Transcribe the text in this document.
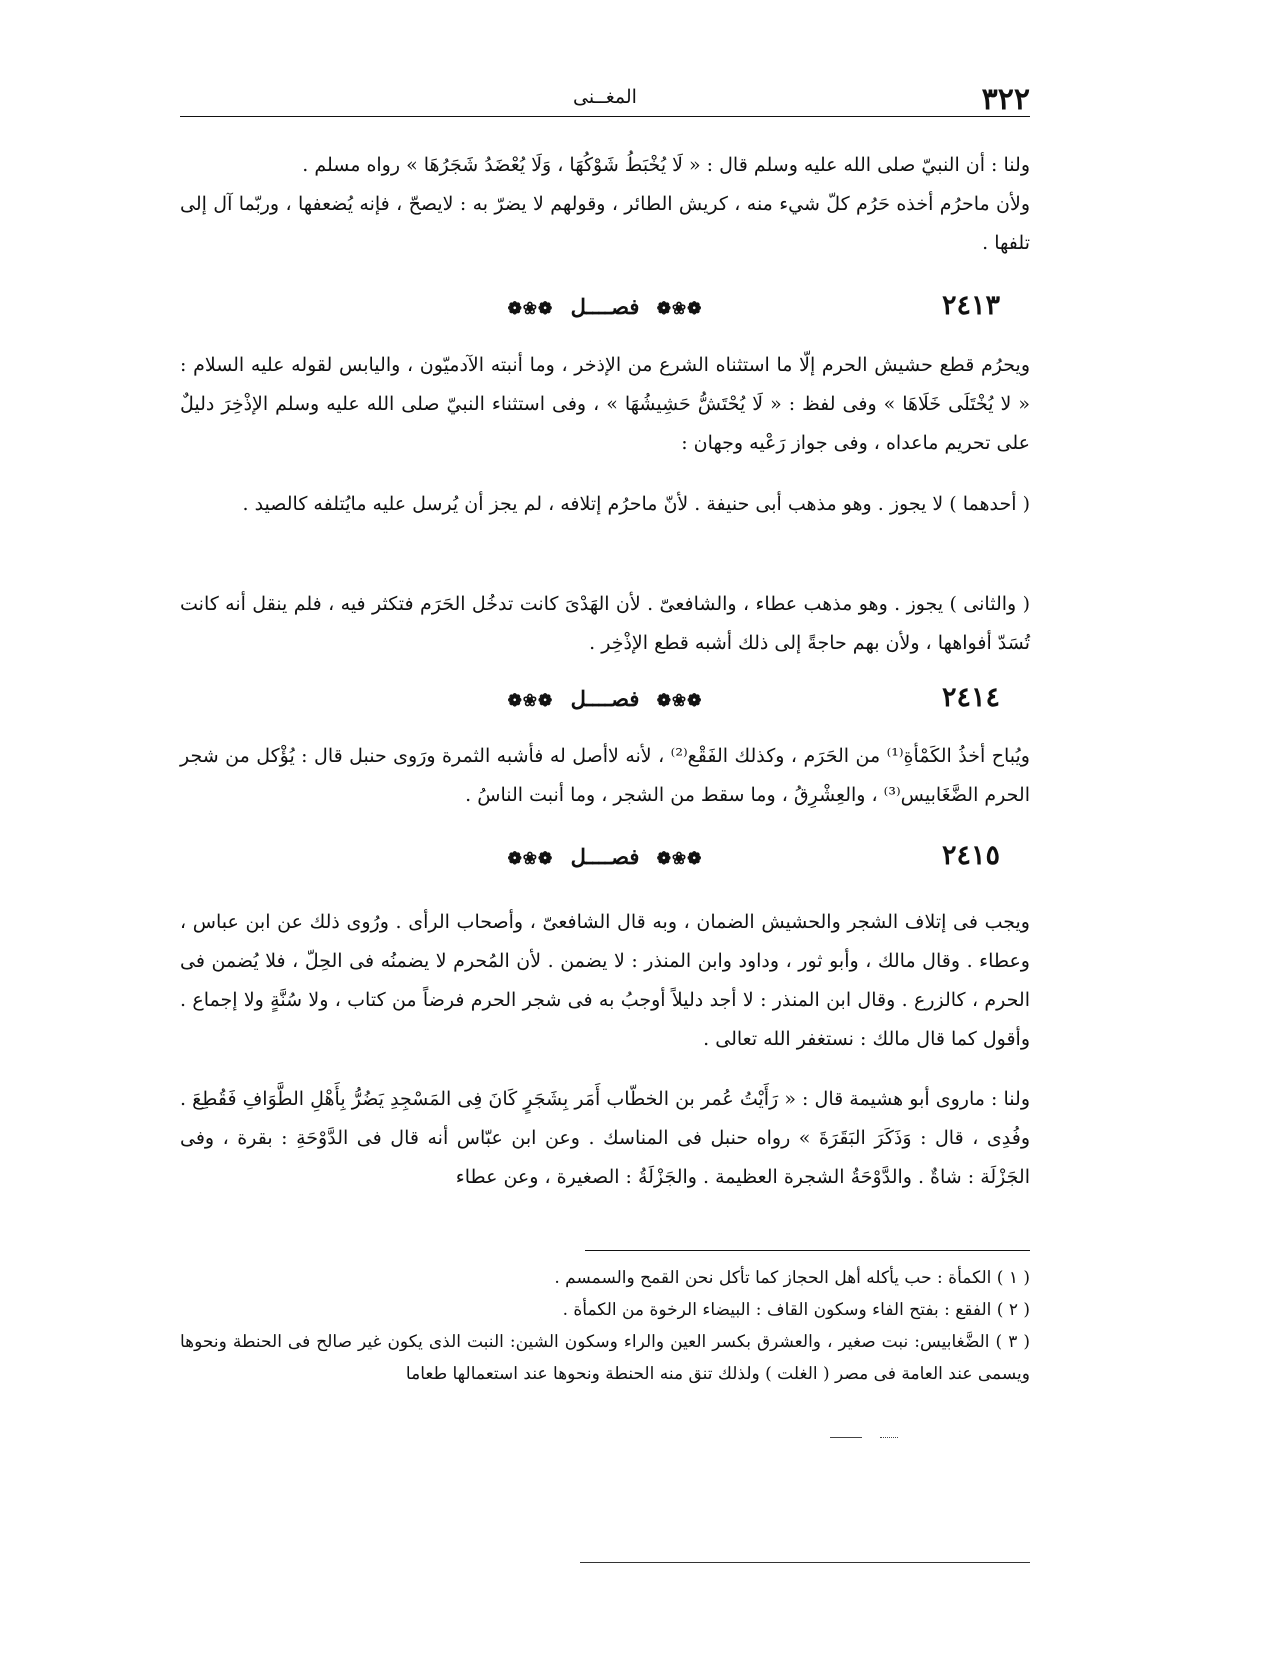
٣٢٢
المغــنى
ولنا : أن النبيّ صلى الله عليه وسلم قال : « لَا يُخْبَطُ شَوْكُهَا ، وَلَا يُعْضَدُ شَجَرُهَا » رواه مسلم .
ولأن ماحرُم أخذه حَرُم كلّ شيء منه ، كريش الطائر ، وقولهم لا يضرّ به : لايصحّ ، فإنه يُضعفها ، وربّما آل إلى تلفها .
٢٤١٣
❁❀❁ فصــــل ❁❀❁
ويحرُم قطع حشيش الحرم إلّا ما استثناه الشرع من الإذخر ، وما أنبته الآدميّون ، واليابس لقوله عليه السلام : « لا يُخْتَلَى خَلَاهَا » وفى لفظ : « لَا يُحْتَشُّ حَشِيشُهَا » ، وفى استثناء النبيّ صلى الله عليه وسلم الإذْخِرَ دليلٌ على تحريم ماعداه ، وفى جواز رَعْيه وجهان :
( أحدهما ) لا يجوز . وهو مذهب أبى حنيفة . لأنّ ماحرُم إتلافه ، لم يجز أن يُرسل عليه مايُتلفه كالصيد .
( والثانى ) يجوز . وهو مذهب عطاء ، والشافعىّ . لأن الهَدْىَ كانت تدخُل الحَرَم فتكثر فيه ، فلم ينقل أنه كانت تُسَدّ أفواهها ، ولأن بهم حاجةً إلى ذلك أشبه قطع الإذْخِر .
٢٤١٤
❁❀❁ فصــــل ❁❀❁
ويُباح أخذُ الكَمْأةِ⁽¹⁾ من الحَرَم ، وكذلك الفَقْع⁽²⁾ ، لأنه لاأصل له فأشبه الثمرة ورَوى حنبل قال : يُؤْكل من شجر الحرم الضَّغَابيس⁽³⁾ ، والعِشْرِقُ ، وما سقط من الشجر ، وما أنبت الناسُ .
٢٤١٥
❁❀❁ فصــــل ❁❀❁
ويجب فى إتلاف الشجر والحشيش الضمان ، وبه قال الشافعىّ ، وأصحاب الرأى . ورُوى ذلك عن ابن عباس ، وعطاء . وقال مالك ، وأبو ثور ، وداود وابن المنذر : لا يضمن . لأن المُحرم لا يضمنُه فى الحِلّ ، فلا يُضمن فى الحرم ، كالزرع . وقال ابن المنذر : لا أجد دليلاً أوجبُ به فى شجر الحرم فرضاً من كتاب ، ولا سُنَّةٍ ولا إجماع . وأقول كما قال مالك : نستغفر الله تعالى .
ولنا : ماروى أبو هشيمة قال : « رَأَيْتُ عُمر بن الخطّاب أَمَر بِشَجَرٍ كَانَ فِى المَسْجِدِ يَضُرُّ بِأَهْلِ الطَّوَافِ فَقُطِعَ . وفُدِى ، قال : وَذَكَرَ البَقَرَةَ » رواه حنبل فى المناسك . وعن ابن عبّاس أنه قال فى الدَّوْحَةِ : بقرة ، وفى الجَزْلَة : شاةٌ . والدَّوْحَةُ الشجرة العظيمة . والجَزْلَةُ : الصغيرة ، وعن عطاء
( ١ ) الكمأة : حب يأكله أهل الحجاز كما تأكل نحن القمح والسمسم .
( ٢ ) الفقع : بفتح الفاء وسكون القاف : البيضاء الرخوة من الكمأة .
( ٣ ) الضَّغابيس: نبت صغير ، والعشرق بكسر العين والراء وسكون الشين: النبت الذى يكون غير صالح فى الحنطة ونحوها ويسمى عند العامة فى مصر ( الغلت ) ولذلك تنق منه الحنطة ونحوها عند استعمالها طعاما
